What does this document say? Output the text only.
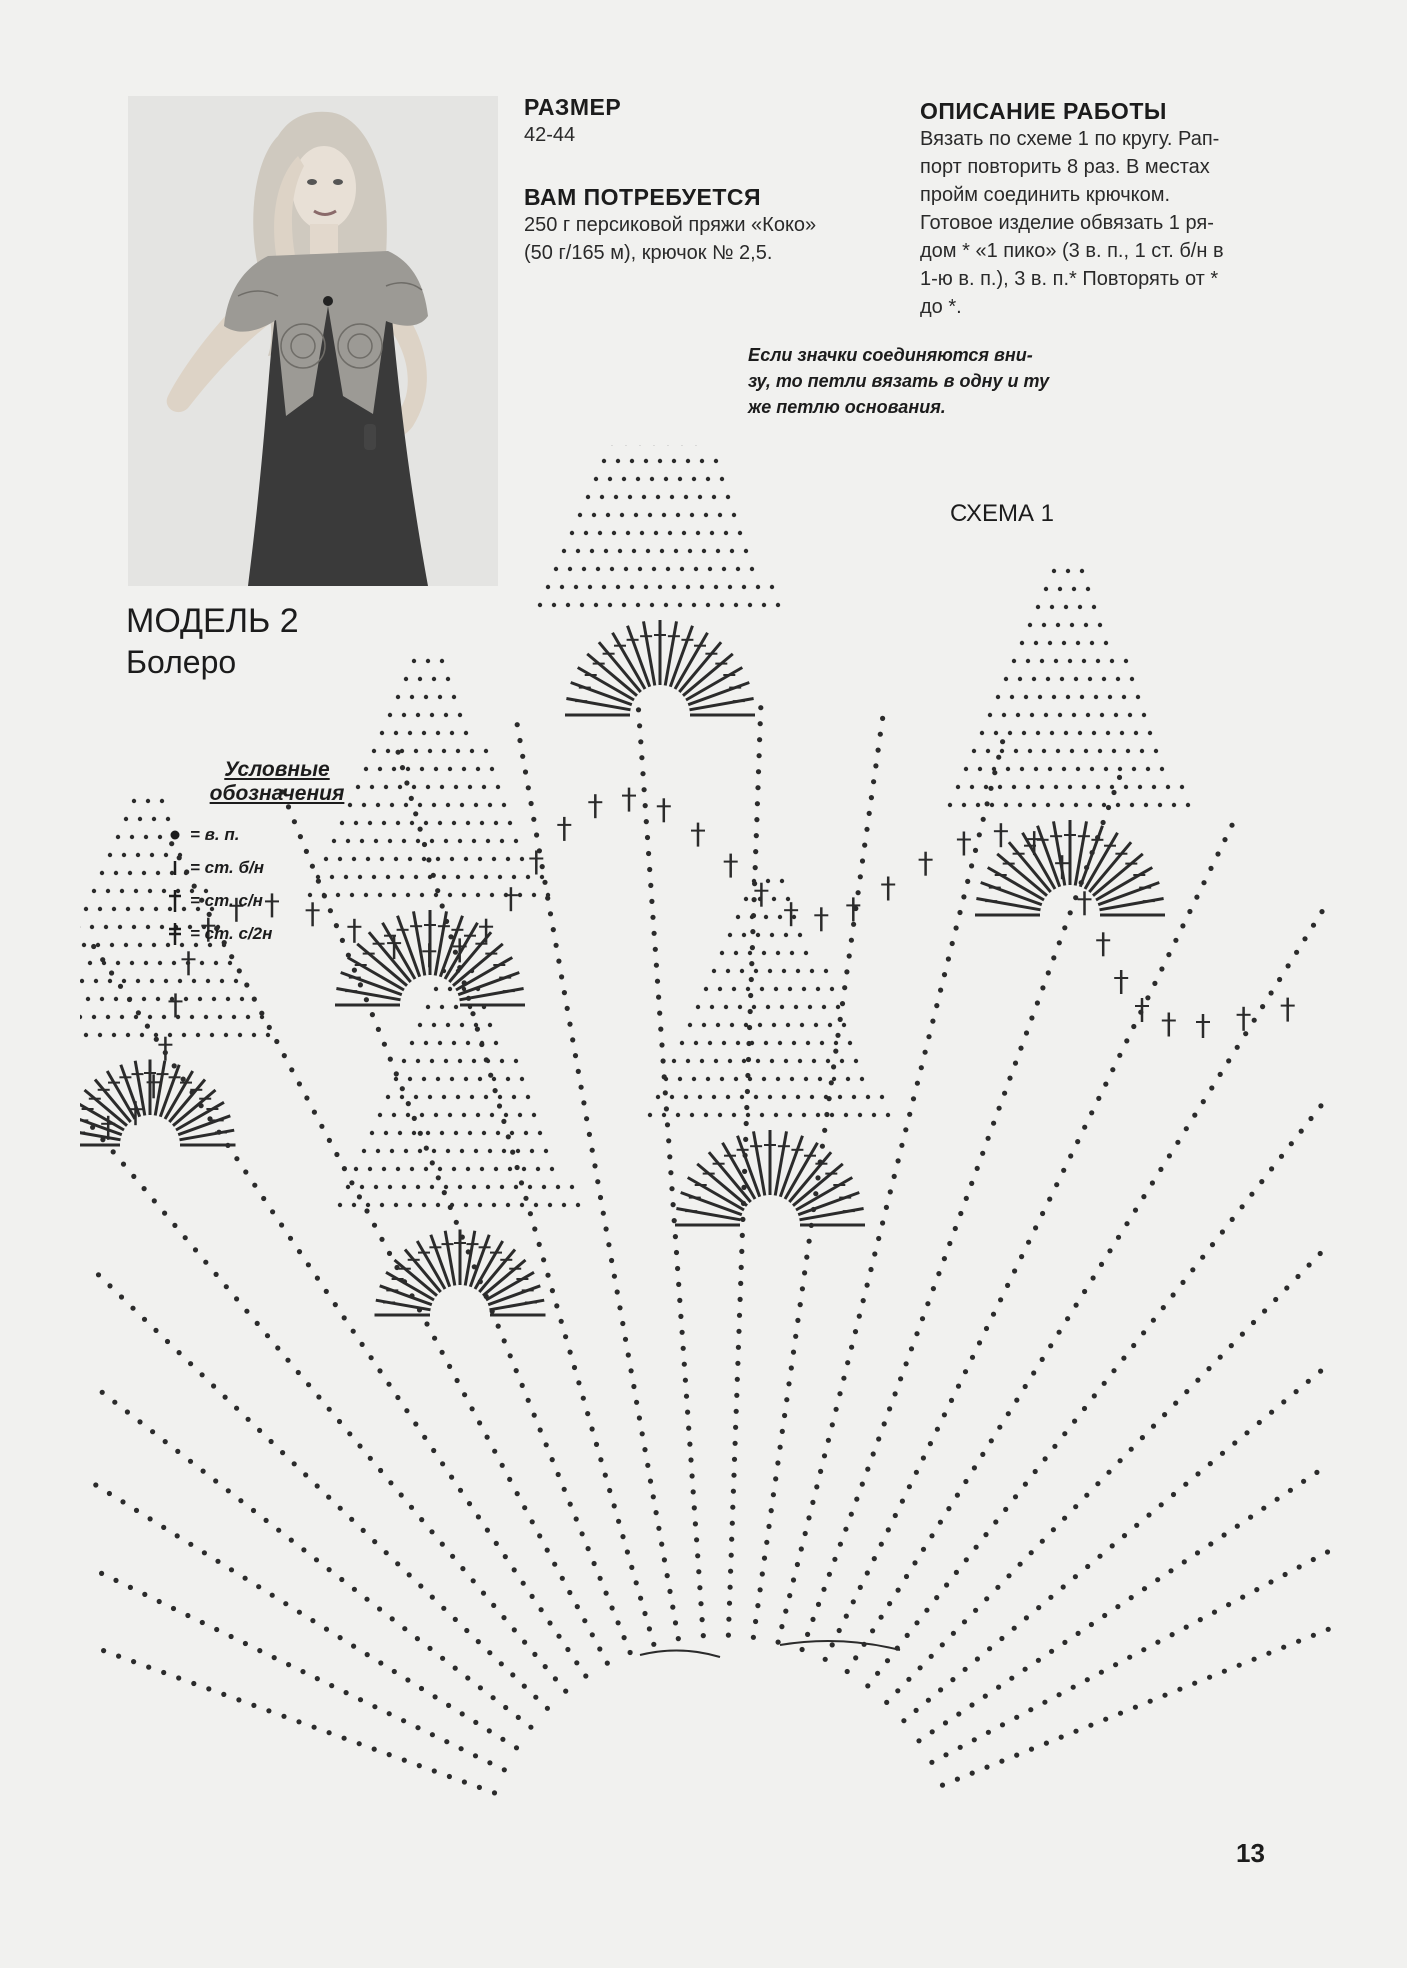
РАЗМЕР

42-44

ВАМ ПОТРЕБУЕТСЯ

250 г персиковой пряжи «Коко»

(50 г/165 м), крючок № 2,5.

ОПИСАНИЕ РАБОТЫ

Вязать по схеме 1 по кругу. Рап-

порт повторить 8 раз. В местах

пройм соединить крючком.

Готовое изделие обвязать 1 ря-

дом * «1 пико» (3 в. п., 1 ст. б/н в

1-ю в. п.), 3 в. п.* Повторять от *

до *.

Если значки соединяются вни-
зу, то петли вязать в одну и ту
же петлю основания.
СХЕМА 1
МОДЕЛЬ 2
Болеро

Условные
обозначения

= в. п.
= ст. б/н
= ст. с/н
= ст. с/2н
13
